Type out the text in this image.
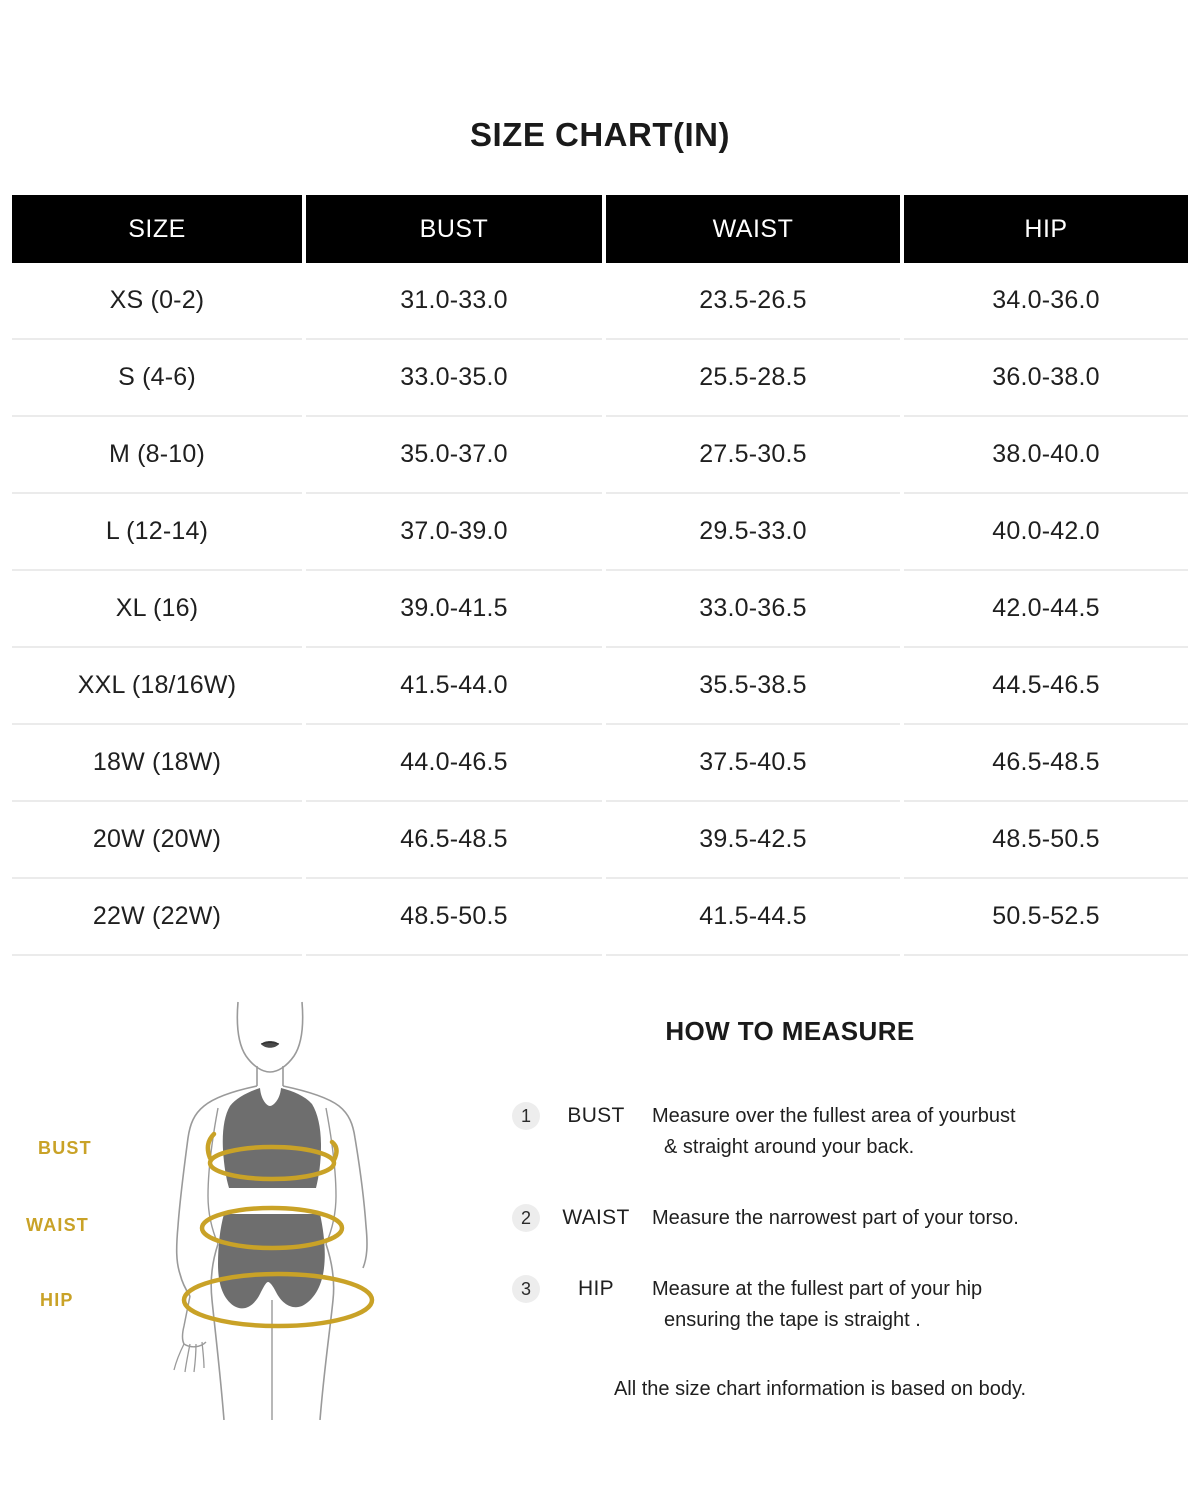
SIZE CHART(IN)
SIZE	BUST	WAIST	HIP
XS (0-2)	31.0-33.0	23.5-26.5	34.0-36.0
S (4-6)	33.0-35.0	25.5-28.5	36.0-38.0
M (8-10)	35.0-37.0	27.5-30.5	38.0-40.0
L (12-14)	37.0-39.0	29.5-33.0	40.0-42.0
XL (16)	39.0-41.5	33.0-36.5	42.0-44.5
XXL (18/16W)	41.5-44.0	35.5-38.5	44.5-46.5
18W (18W)	44.0-46.5	37.5-40.5	46.5-48.5
20W (20W)	46.5-48.5	39.5-42.5	48.5-50.5
22W (22W)	48.5-50.5	41.5-44.5	50.5-52.5
BUST
WAIST
HIP
HOW TO MEASURE
1	BUST	Measure over the fullest area of yourbust
& straight around your back.
2	WAIST	Measure the narrowest part of your torso.
3	HIP	Measure at the fullest part of your hip
ensuring the tape is straight .
All the size chart information is based on body.
